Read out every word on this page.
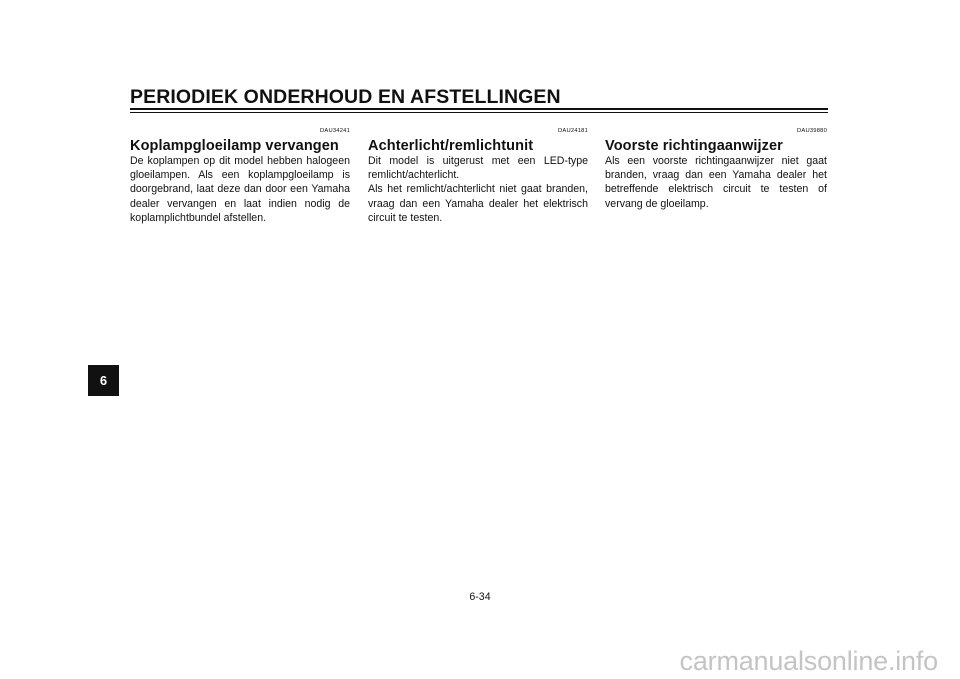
PERIODIEK ONDERHOUD EN AFSTELLINGEN
6
DAU34241
Koplampgloeilamp vervangen

De koplampen op dit model hebben halogeen gloeilampen. Als een koplampgloeilamp is doorgebrand, laat deze dan door een Yamaha dealer vervangen en laat indien nodig de koplamplichtbundel afstellen.

DAU24181
Achterlicht/remlichtunit

Dit model is uitgerust met een LED-type remlicht/achterlicht.

Als het remlicht/achterlicht niet gaat branden, vraag dan een Yamaha dealer het elektrisch circuit te testen.

DAU39880
Voorste richtingaanwijzer

Als een voorste richtingaanwijzer niet gaat branden, vraag dan een Yamaha dealer het betreffende elektrisch circuit te testen of vervang de gloeilamp.

6-34
carmanualsonline.info
